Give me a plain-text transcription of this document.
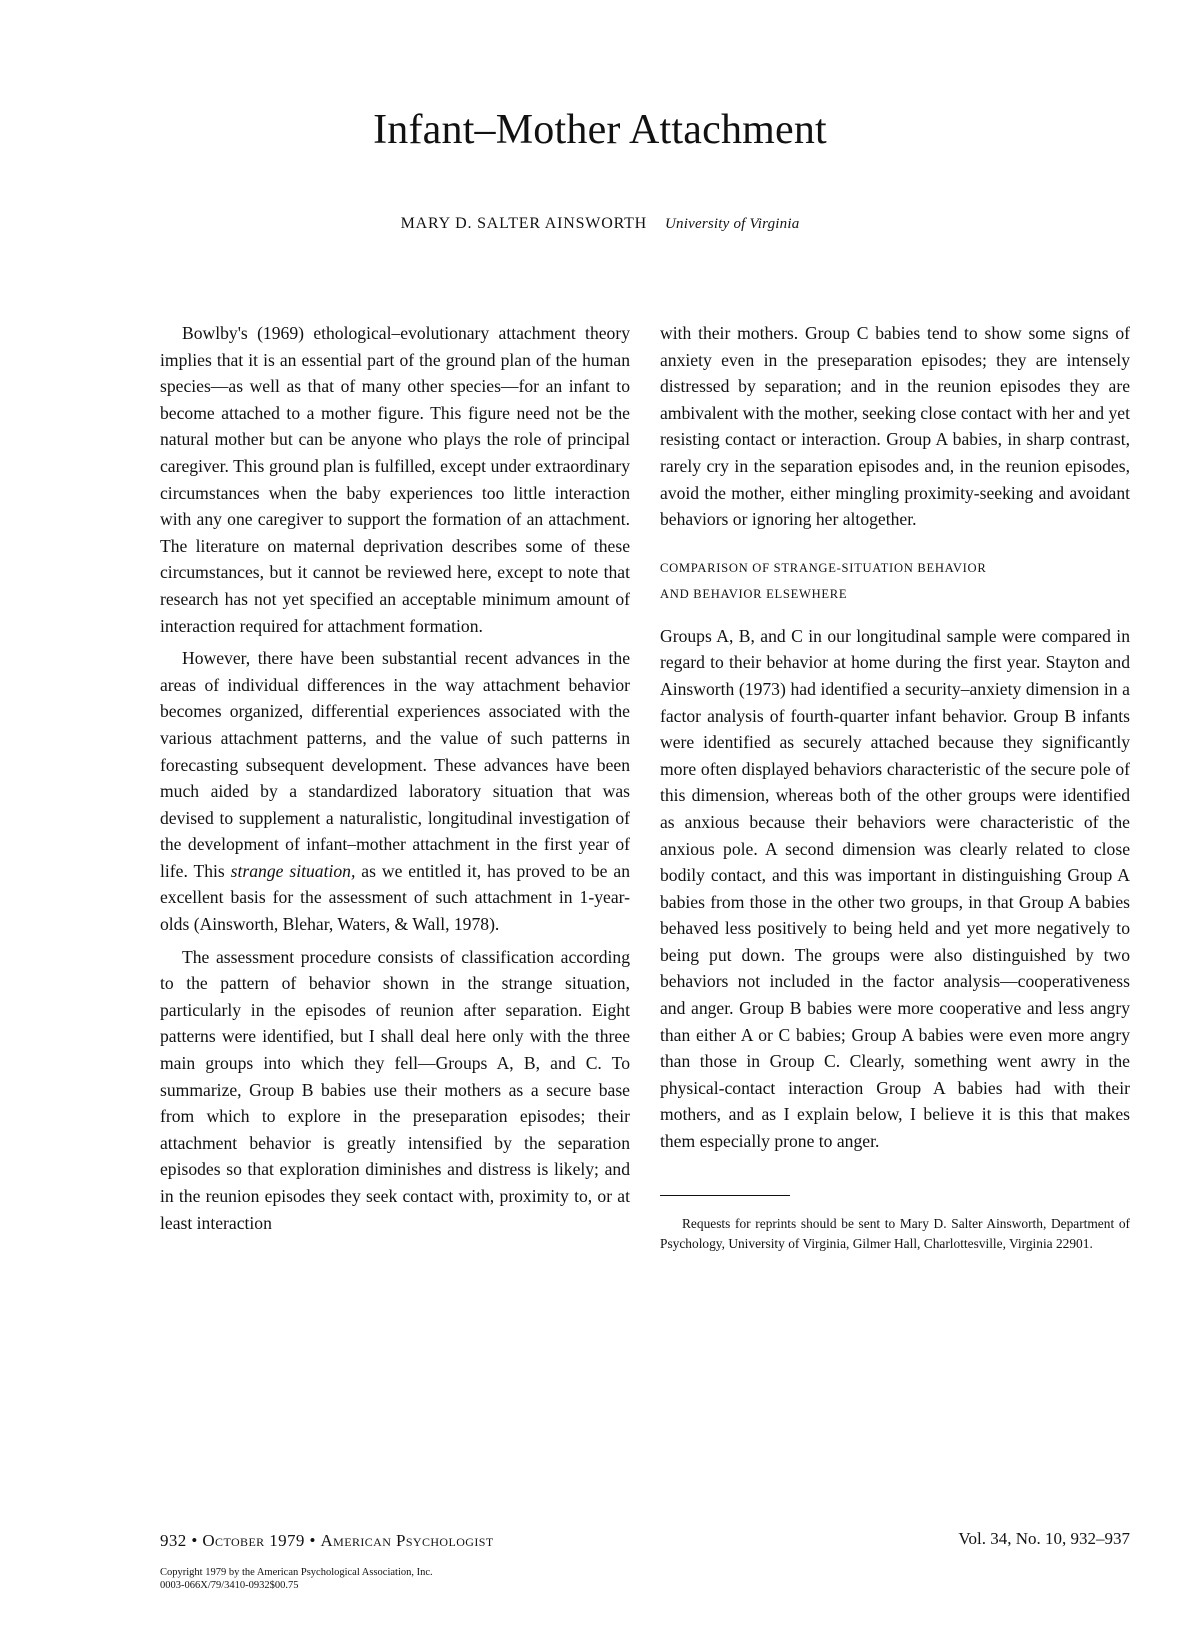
Infant–Mother Attachment
MARY D. SALTER AINSWORTH University of Virginia

Bowlby's (1969) ethological–evolutionary attachment theory implies that it is an essential part of the ground plan of the human species—as well as that of many other species—for an infant to become attached to a mother figure. This figure need not be the natural mother but can be anyone who plays the role of principal caregiver. This ground plan is fulfilled, except under extraordinary circumstances when the baby experiences too little interaction with any one caregiver to support the formation of an attachment. The literature on maternal deprivation describes some of these circumstances, but it cannot be reviewed here, except to note that research has not yet specified an acceptable minimum amount of interaction required for attachment formation.

However, there have been substantial recent advances in the areas of individual differences in the way attachment behavior becomes organized, differential experiences associated with the various attachment patterns, and the value of such patterns in forecasting subsequent development. These advances have been much aided by a standardized laboratory situation that was devised to supplement a naturalistic, longitudinal investigation of the development of infant–mother attachment in the first year of life. This strange situation, as we entitled it, has proved to be an excellent basis for the assessment of such attachment in 1-year-olds (Ainsworth, Blehar, Waters, & Wall, 1978).

The assessment procedure consists of classification according to the pattern of behavior shown in the strange situation, particularly in the episodes of reunion after separation. Eight patterns were identified, but I shall deal here only with the three main groups into which they fell—Groups A, B, and C. To summarize, Group B babies use their mothers as a secure base from which to explore in the preseparation episodes; their attachment behavior is greatly intensified by the separation episodes so that exploration diminishes and distress is likely; and in the reunion episodes they seek contact with, proximity to, or at least interaction

with their mothers. Group C babies tend to show some signs of anxiety even in the preseparation episodes; they are intensely distressed by separation; and in the reunion episodes they are ambivalent with the mother, seeking close contact with her and yet resisting contact or interaction. Group A babies, in sharp contrast, rarely cry in the separation episodes and, in the reunion episodes, avoid the mother, either mingling proximity-seeking and avoidant behaviors or ignoring her altogether.

COMPARISON OF STRANGE-SITUATION BEHAVIOR
AND BEHAVIOR ELSEWHERE

Groups A, B, and C in our longitudinal sample were compared in regard to their behavior at home during the first year. Stayton and Ainsworth (1973) had identified a security–anxiety dimension in a factor analysis of fourth-quarter infant behavior. Group B infants were identified as securely attached because they significantly more often displayed behaviors characteristic of the secure pole of this dimension, whereas both of the other groups were identified as anxious because their behaviors were characteristic of the anxious pole. A second dimension was clearly related to close bodily contact, and this was important in distinguishing Group A babies from those in the other two groups, in that Group A babies behaved less positively to being held and yet more negatively to being put down. The groups were also distinguished by two behaviors not included in the factor analysis—cooperativeness and anger. Group B babies were more cooperative and less angry than either A or C babies; Group A babies were even more angry than those in Group C. Clearly, something went awry in the physical-contact interaction Group A babies had with their mothers, and as I explain below, I believe it is this that makes them especially prone to anger.

Requests for reprints should be sent to Mary D. Salter Ainsworth, Department of Psychology, University of Virginia, Gilmer Hall, Charlottesville, Virginia 22901.

932 • October 1979 • American Psychologist	Vol. 34, No. 10, 932–937
Copyright 1979 by the American Psychological Association, Inc.
0003-066X/79/3410-0932$00.75
